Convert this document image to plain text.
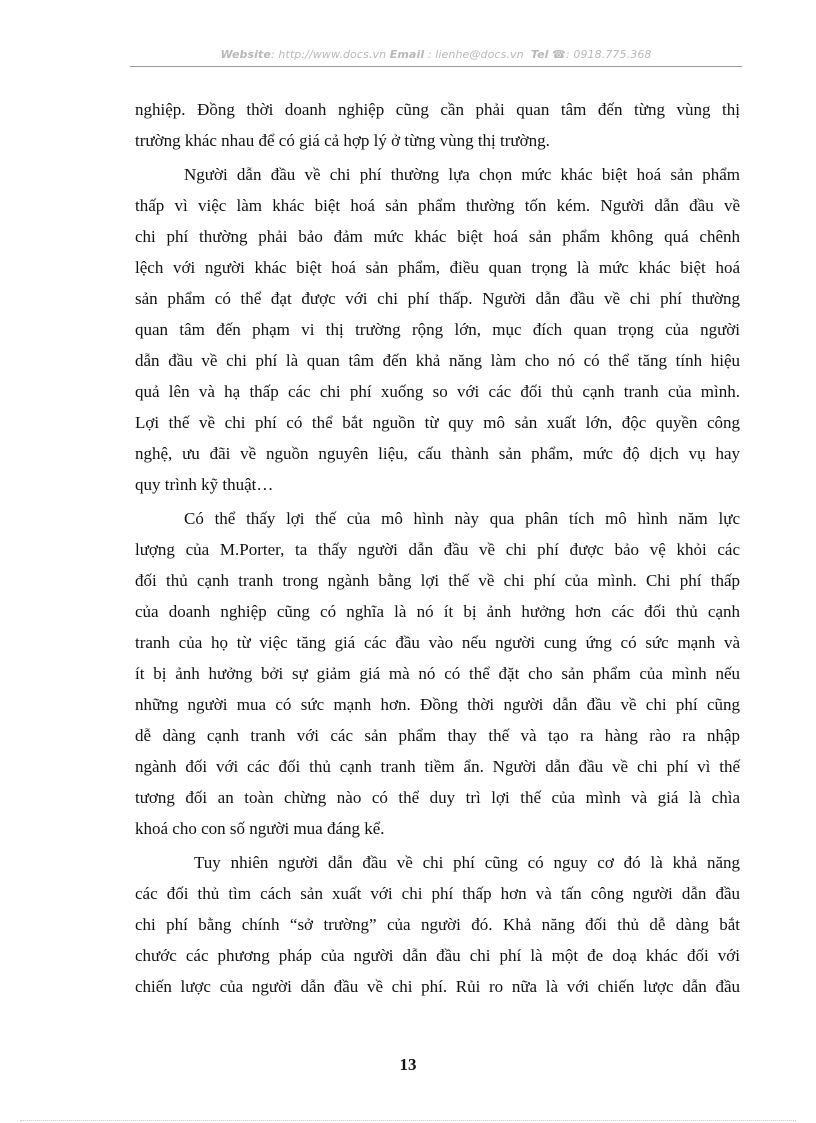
Website: http://www.docs.vn Email : lienhe@docs.vn Tel ☎: 0918.775.368
nghiệp. Đồng thời doanh nghiệp cũng cần phải quan tâm đến từng vùng thị
trường khác nhau để có giá cả hợp lý ở từng vùng thị trường.
Người dẫn đầu về chi phí thường lựa chọn mức khác biệt hoá sản phẩm
thấp vì việc làm khác biệt hoá sản phẩm thường tốn kém. Người dẫn đầu về
chi phí thường phải bảo đảm mức khác biệt hoá sản phẩm không quá chênh
lệch với người khác biệt hoá sản phẩm, điều quan trọng là mức khác biệt hoá
sản phẩm có thể đạt được với chi phí thấp. Người dẫn đầu về chi phí thường
quan tâm đến phạm vi thị trường rộng lớn, mục đích quan trọng của người
dẫn đầu về chi phí là quan tâm đến khả năng làm cho nó có thể tăng tính hiệu
quả lên và hạ thấp các chi phí xuống so với các đối thủ cạnh tranh của mình.
Lợi thế về chi phí có thể bắt nguồn từ quy mô sản xuất lớn, độc quyền công
nghệ, ưu đãi về nguồn nguyên liệu, cấu thành sản phẩm, mức độ dịch vụ hay
quy trình kỹ thuật…
Có thể thấy lợi thế của mô hình này qua phân tích mô hình năm lực
lượng của M.Porter, ta thấy người dẫn đầu về chi phí được bảo vệ khỏi các
đối thủ cạnh tranh trong ngành bằng lợi thế về chi phí của mình. Chi phí thấp
của doanh nghiệp cũng có nghĩa là nó ít bị ảnh hưởng hơn các đối thủ cạnh
tranh của họ từ việc tăng giá các đầu vào nếu người cung ứng có sức mạnh và
ít bị ảnh hưởng bởi sự giảm giá mà nó có thể đặt cho sản phẩm của mình nếu
những người mua có sức mạnh hơn. Đồng thời người dẫn đầu về chi phí cũng
dễ dàng cạnh tranh với các sản phẩm thay thế và tạo ra hàng rào ra nhập
ngành đối với các đối thủ cạnh tranh tiềm ẩn. Người dẫn đầu về chi phí vì thế
tương đối an toàn chừng nào có thể duy trì lợi thế của mình và giá là chìa
khoá cho con số người mua đáng kể.
Tuy nhiên người dẫn đầu về chi phí cũng có nguy cơ đó là khả năng
các đối thủ tìm cách sản xuất với chi phí thấp hơn và tấn công người dẫn đầu
chi phí bằng chính “sở trường” của người đó. Khả năng đối thủ dễ dàng bắt
chước các phương pháp của người dẫn đầu chi phí là một đe doạ khác đối với
chiến lược của người dẫn đầu về chi phí. Rủi ro nữa là với chiến lược dẫn đầu
13
